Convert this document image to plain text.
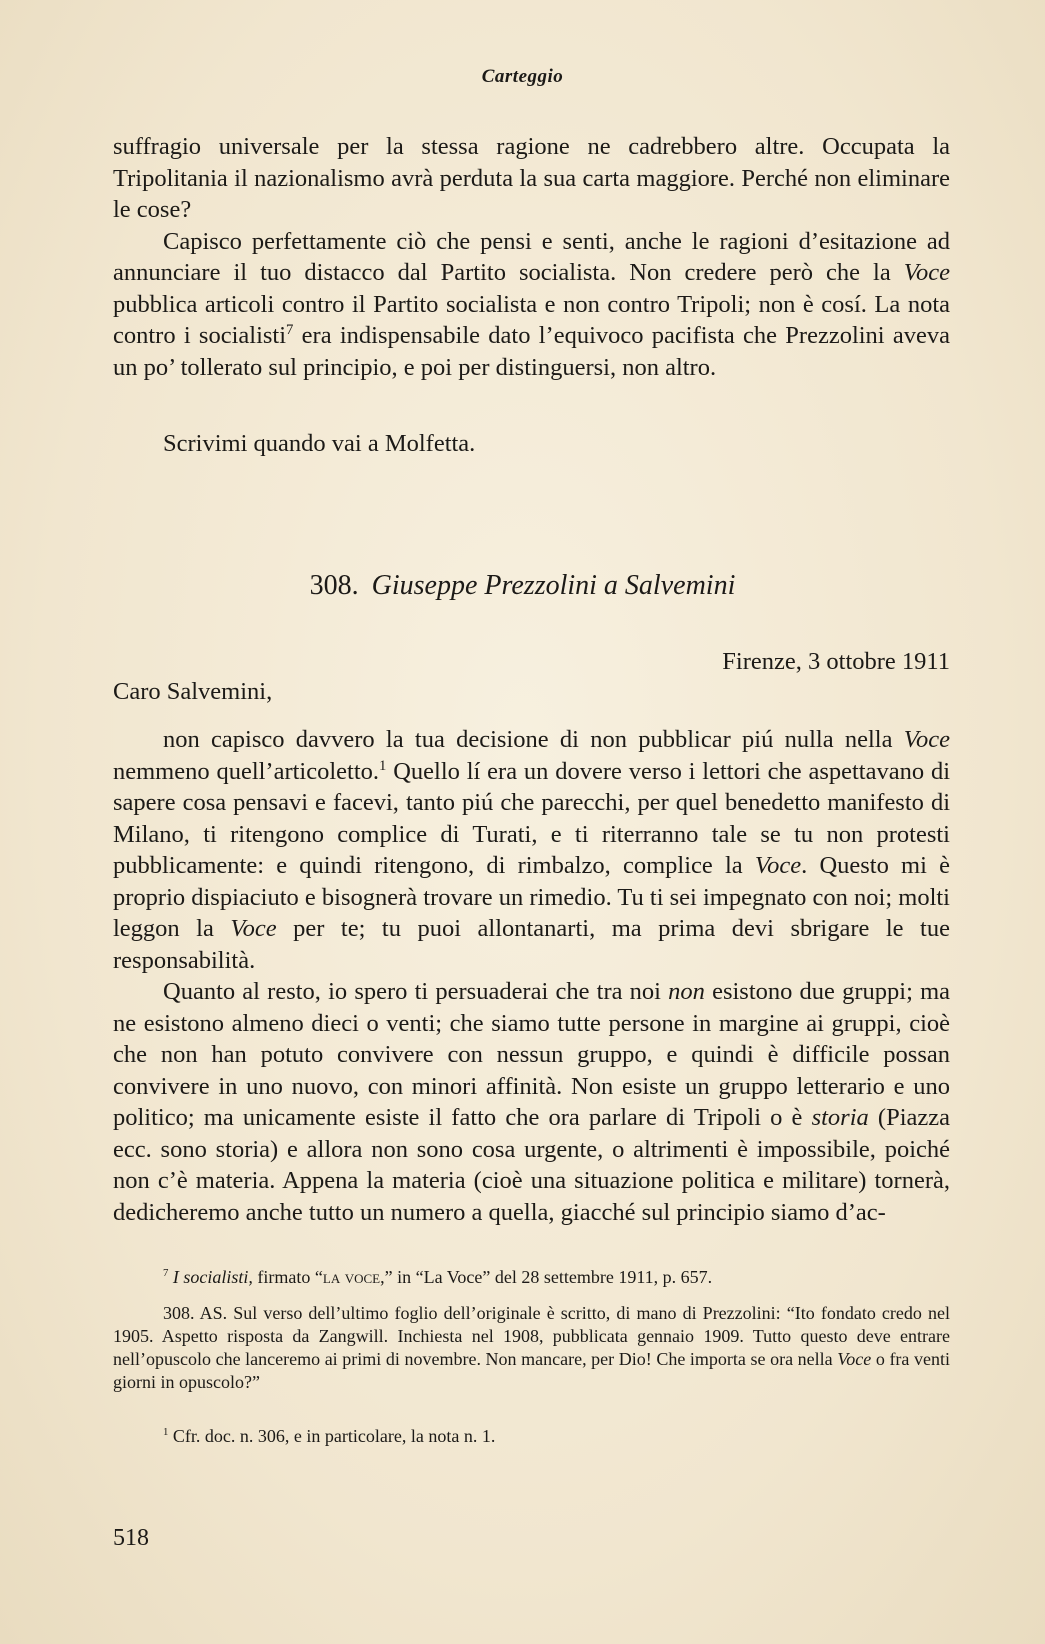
Carteggio

suffragio universale per la stessa ragione ne cadrebbero altre. Occupata la Tripolitania il nazionalismo avrà perduta la sua carta maggiore. Perché non eliminare le cose?

Capisco perfettamente ciò che pensi e senti, anche le ragioni d’esitazione ad annunciare il tuo distacco dal Partito socialista. Non credere però che la Voce pubblica articoli contro il Partito socialista e non contro Tripoli; non è cosí. La nota contro i socialisti$^7$ era indispensabile dato l’equivoco pacifista che Prezzolini aveva un po’ tollerato sul principio, e poi per distinguersi, non altro.

Scrivimi quando vai a Molfetta.

308. Giuseppe Prezzolini a Salvemini
Firenze, 3 ottobre 1911
Caro Salvemini,

non capisco davvero la tua decisione di non pubblicar piú nulla nella Voce nemmeno quell’articoletto.$^1$ Quello lí era un dovere verso i lettori che aspettavano di sapere cosa pensavi e facevi, tanto piú che parecchi, per quel benedetto manifesto di Milano, ti ritengono complice di Turati, e ti riterranno tale se tu non protesti pubblicamente: e quindi ritengono, di rimbalzo, complice la Voce. Questo mi è proprio dispiaciuto e bisognerà trovare un rimedio. Tu ti sei impegnato con noi; molti leggon la Voce per te; tu puoi allontanarti, ma prima devi sbrigare le tue responsabilità.

Quanto al resto, io spero ti persuaderai che tra noi non esistono due gruppi; ma ne esistono almeno dieci o venti; che siamo tutte persone in margine ai gruppi, cioè che non han potuto convivere con nessun gruppo, e quindi è difficile possan convivere in uno nuovo, con minori affinità. Non esiste un gruppo letterario e uno politico; ma unicamente esiste il fatto che ora parlare di Tripoli o è storia (Piazza ecc. sono storia) e allora non sono cosa urgente, o altrimenti è impossibile, poiché non c’è materia. Appena la materia (cioè una situazione politica e militare) tornerà, dedicheremo anche tutto un numero a quella, giacché sul principio siamo d’ac-

$^7$ I socialisti, firmato “la voce,” in “La Voce” del 28 settembre 1911, p. 657.
308. AS. Sul verso dell’ultimo foglio dell’originale è scritto, di mano di Prezzolini: “Ito fondato credo nel 1905. Aspetto risposta da Zangwill. Inchiesta nel 1908, pubblicata gennaio 1909. Tutto questo deve entrare nell’opuscolo che lanceremo ai primi di novembre. Non mancare, per Dio! Che importa se ora nella Voce o fra venti giorni in opuscolo?”
$^1$ Cfr. doc. n. 306, e in particolare, la nota n. 1.
518
